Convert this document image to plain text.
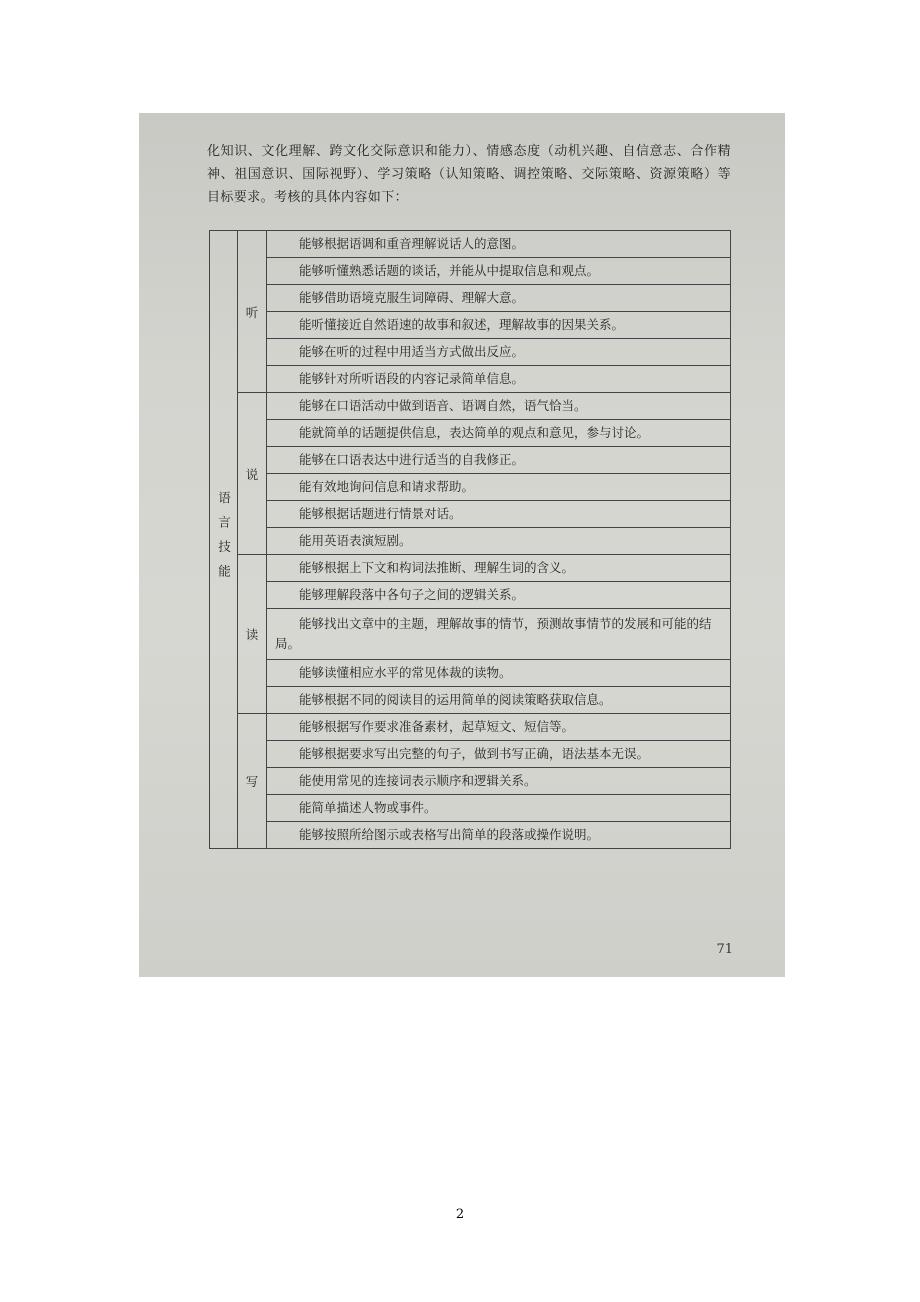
化知识、文化理解、跨文化交际意识和能力）、情感态度（动机兴趣、自信意志、合作精神、祖国意识、国际视野）、学习策略（认知策略、调控策略、交际策略、资源策略）等目标要求。考核的具体内容如下：
语言技能	听	能够根据语调和重音理解说话人的意图。
		能够听懂熟悉话题的谈话，并能从中提取信息和观点。
		能够借助语境克服生词障碍、理解大意。
		能听懂接近自然语速的故事和叙述，理解故事的因果关系。
		能够在听的过程中用适当方式做出反应。
		能够针对所听语段的内容记录简单信息。
	说	能够在口语活动中做到语音、语调自然，语气恰当。
		能就简单的话题提供信息，表达简单的观点和意见，参与讨论。
		能够在口语表达中进行适当的自我修正。
		能有效地询问信息和请求帮助。
		能够根据话题进行情景对话。
		能用英语表演短剧。
	读	能够根据上下文和构词法推断、理解生词的含义。
		能够理解段落中各句子之间的逻辑关系。
		能够找出文章中的主题，理解故事的情节，预测故事情节的发展和可能的结局。
		能够读懂相应水平的常见体裁的读物。
		能够根据不同的阅读目的运用简单的阅读策略获取信息。
	写	能够根据写作要求准备素材，起草短文、短信等。
		能够根据要求写出完整的句子，做到书写正确，语法基本无误。
		能使用常见的连接词表示顺序和逻辑关系。
		能简单描述人物或事件。
		能够按照所给图示或表格写出简单的段落或操作说明。
71
2
